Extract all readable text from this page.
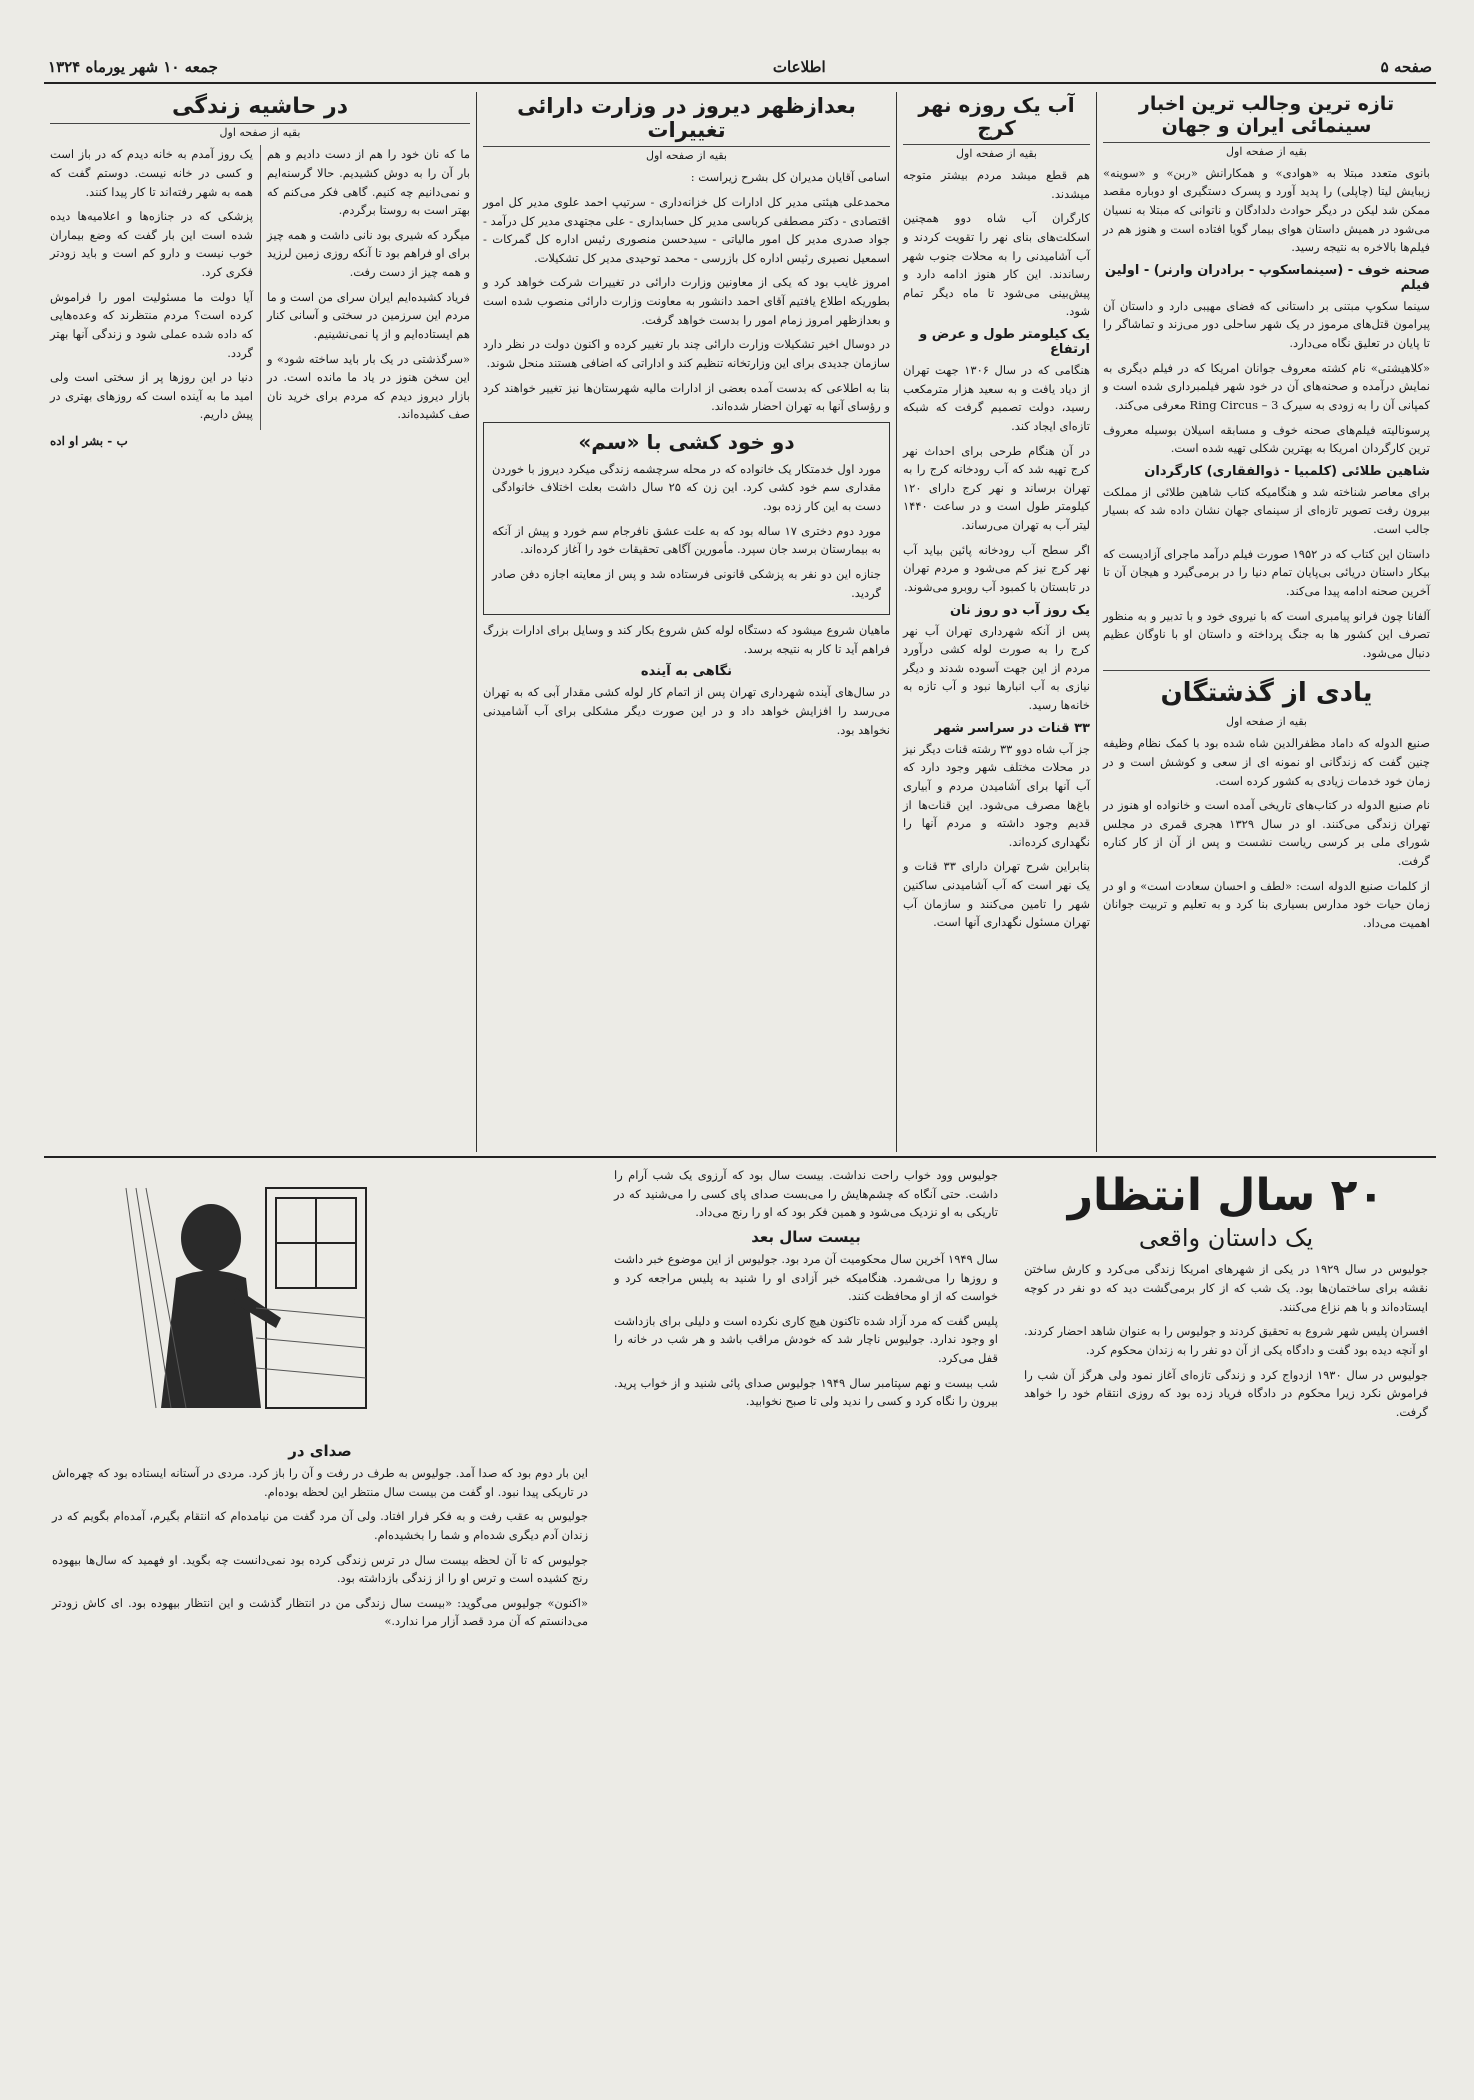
صفحه ۵
اطلاعات
جمعه ۱۰ شهر یورماه ۱۳۲۴
تازه ترین وجالب ترین اخبار سینمائی ایران و جهان
بقیه از صفحه اول

بانوی متعدد مبتلا به «هوادی» و همکارانش «ربن» و «سوینه» زیبایش لیتا (چاپلی) را پدید آورد و پسرک دستگیری او دوباره مقصد ممکن شد لیکن در دیگر حوادث دلدادگان و ناتوانی که مبتلا به نسیان می‌شود در همیش داستان هوای بیمار گویا افتاده است و هنوز هم در فیلم‌ها بالاخره به نتیجه رسید.

صحنه خوف - (سینماسکوپ - برادران وارنر) - اولین فیلم

سینما سکوپ مبتنی بر داستانی که فضای مهیبی دارد و داستان آن پیرامون قتل‌های مرموز در یک شهر ساحلی دور می‌زند و تماشاگر را تا پایان در تعلیق نگاه می‌دارد.

«کلاهیشتی» نام کشته معروف جوانان امریکا که در فیلم دیگری به نمایش درآمده و صحنه‌های آن در خود شهر فیلمبرداری شده است و کمپانی آن را به زودی به سیرک Ring Circus – 3 معرفی می‌کند.

پرسونالیته فیلم‌های صحنه خوف و مسابقه اسیلان بوسیله معروف ترین کارگردان امریکا به بهترین شکلی تهیه شده است.

شاهین طلائی (کلمبیا - ذوالفقاری) کارگردان

برای معاصر شناخته شد و هنگامیکه کتاب شاهین طلائی از مملکت بیرون رفت تصویر تازه‌ای از سینمای جهان نشان داده شد که بسیار جالب است.

داستان این کتاب که در ۱۹۵۲ صورت فیلم درآمد ماجرای آزادیست که بیکار داستان دریائی بی‌پایان تمام دنیا را در برمی‌گیرد و هیجان آن تا آخرین صحنه ادامه پیدا می‌کند.

آلفانا چون فرانو پیامبری است که با نیروی خود و با تدبیر و به منظور تصرف این کشور ها به جنگ پرداخته و داستان او با ناوگان عظیم دنبال می‌شود.

یادی از گذشتگان
بقیه از صفحه اول

صنیع الدوله که داماد مظفرالدین شاه شده بود با کمک نظام وظیفه چنین گفت که زندگانی او نمونه ای از سعی و کوشش است و در زمان خود خدمات زیادی به کشور کرده است.

نام صنیع الدوله در کتاب‌های تاریخی آمده است و خانواده او هنوز در تهران زندگی می‌کنند. او در سال ۱۳۲۹ هجری قمری در مجلس شورای ملی بر کرسی ریاست نشست و پس از آن از کار کناره گرفت.

از کلمات صنیع الدوله است: «لطف و احسان سعادت است» و او در زمان حیات خود مدارس بسیاری بنا کرد و به تعلیم و تربیت جوانان اهمیت می‌داد.

آب یک روزه نهر کرج
بقیه از صفحه اول

هم قطع میشد مردم بیشتر متوجه میشدند.

کارگران آب شاه دوو همچنین اسکلت‌های بنای نهر را تقویت کردند و آب آشامیدنی را به محلات جنوب شهر رساندند. این کار هنوز ادامه دارد و پیش‌بینی می‌شود تا ماه دیگر تمام شود.

یک کیلومتر طول و عرض و ارتفاع

هنگامی که در سال ۱۳۰۶ جهت تهران از دیاد یافت و به سعید هزار مترمکعب رسید، دولت تصمیم گرفت که شبکه تازه‌ای ایجاد کند.

در آن هنگام طرحی برای احداث نهر کرج تهیه شد که آب رودخانه کرج را به تهران برساند و نهر کرج دارای ۱۲۰ کیلومتر طول است و در ساعت ۱۴۴۰ لیتر آب به تهران می‌رساند.

اگر سطح آب رودخانه پائین بیاید آب نهر کرج نیز کم می‌شود و مردم تهران در تابستان با کمبود آب روبرو می‌شوند.

یک روز آب دو روز نان

پس از آنکه شهرداری تهران آب نهر کرج را به صورت لوله کشی درآورد مردم از این جهت آسوده شدند و دیگر نیازی به آب انبارها نبود و آب تازه به خانه‌ها رسید.

۳۳ قنات در سراسر شهر

جز آب شاه دوو ۳۳ رشته قنات دیگر نیز در محلات مختلف شهر وجود دارد که آب آنها برای آشامیدن مردم و آبیاری باغ‌ها مصرف می‌شود. این قنات‌ها از قدیم وجود داشته و مردم آنها را نگهداری کرده‌اند.

بنابراین شرح تهران دارای ۳۳ قنات و یک نهر است که آب آشامیدنی ساکنین شهر را تامین می‌کنند و سازمان آب تهران مسئول نگهداری آنها است.

بعدازظهر دیروز در وزارت دارائی تغییرات
بقیه از صفحه اول

اسامی آقایان مدیران کل بشرح زیراست :

محمدعلی هیئتی مدیر کل ادارات کل خزانه‌داری - سرتیپ احمد علوی مدیر کل امور اقتصادی - دکتر مصطفی کرباسی مدیر کل حسابداری - علی مجتهدی مدیر کل درآمد - جواد صدری مدیر کل امور مالیاتی - سیدحسن منصوری رئیس اداره کل گمرکات - اسمعیل نصیری رئیس اداره کل بازرسی - محمد توحیدی مدیر کل تشکیلات.

امروز غایب بود که یکی از معاونین وزارت دارائی در تغییرات شرکت خواهد کرد و بطوریکه اطلاع یافتیم آقای احمد دانشور به معاونت وزارت دارائی منصوب شده است و بعدازظهر امروز زمام امور را بدست خواهد گرفت.

در دوسال اخیر تشکیلات وزارت دارائی چند بار تغییر کرده و اکنون دولت در نظر دارد سازمان جدیدی برای این وزارتخانه تنظیم کند و اداراتی که اضافی هستند منحل شوند.

بنا به اطلاعی که بدست آمده بعضی از ادارات مالیه شهرستان‌ها نیز تغییر خواهند کرد و رؤسای آنها به تهران احضار شده‌اند.

دو خود کشی با «سم»

مورد اول خدمتکار یک خانواده که در محله سرچشمه زندگی میکرد دیروز با خوردن مقداری سم خود کشی کرد. این زن که ۲۵ سال داشت بعلت اختلاف خانوادگی دست به این کار زده بود.

مورد دوم دختری ۱۷ ساله بود که به علت عشق نافرجام سم خورد و پیش از آنکه به بیمارستان برسد جان سپرد. مأمورین آگاهی تحقیقات خود را آغاز کرده‌اند.

جنازه این دو نفر به پزشکی قانونی فرستاده شد و پس از معاینه اجازه دفن صادر گردید.

ماهیان شروع میشود که دستگاه لوله کش شروع بکار کند و وسایل برای ادارات بزرگ فراهم آید تا کار به نتیجه برسد.

نگاهی به آینده

در سال‌های آینده شهرداری تهران پس از اتمام کار لوله کشی مقدار آبی که به تهران می‌رسد را افزایش خواهد داد و در این صورت دیگر مشکلی برای آب آشامیدنی نخواهد بود.

در حاشیه زندگی
بقیه از صفحه اول

ما که نان خود را هم از دست دادیم و هم بار آن را به دوش کشیدیم. حالا گرسنه‌ایم و نمی‌دانیم چه کنیم. گاهی فکر می‌کنم که بهتر است به روستا برگردم.

میگرد که شیری بود نانی داشت و همه چیز برای او فراهم بود تا آنکه روزی زمین لرزید و همه چیز از دست رفت.

فریاد کشیده‌ایم ایران سرای من است و ما مردم این سرزمین در سختی و آسانی کنار هم ایستاده‌ایم و از پا نمی‌نشینیم.

«سرگذشتی در یک بار باید ساخته شود» و این سخن هنوز در یاد ما مانده است. در بازار دیروز دیدم که مردم برای خرید نان صف کشیده‌اند.

یک روز آمدم به خانه دیدم که در باز است و کسی در خانه نیست. دوستم گفت که همه به شهر رفته‌اند تا کار پیدا کنند.

پزشکی که در جنازه‌ها و اعلامیه‌ها دیده شده است این بار گفت که وضع بیماران خوب نیست و دارو کم است و باید زودتر فکری کرد.

آیا دولت ما مسئولیت امور را فراموش کرده است؟ مردم منتظرند که وعده‌هایی که داده شده عملی شود و زندگی آنها بهتر گردد.

دنیا در این روزها پر از سختی است ولی امید ما به آینده است که روزهای بهتری در پیش داریم.

ب - بشر او اده
۲۰ سال انتظار
یک داستان واقعی

جولیوس در سال ۱۹۲۹ در یکی از شهرهای امریکا زندگی می‌کرد و کارش ساختن نقشه برای ساختمان‌ها بود. یک شب که از کار برمی‌گشت دید که دو نفر در کوچه ایستاده‌اند و با هم نزاع می‌کنند.

افسران پلیس شهر شروع به تحقیق کردند و جولیوس را به عنوان شاهد احضار کردند. او آنچه دیده بود گفت و دادگاه یکی از آن دو نفر را به زندان محکوم کرد.

جولیوس در سال ۱۹۳۰ ازدواج کرد و زندگی تازه‌ای آغاز نمود ولی هرگز آن شب را فراموش نکرد زیرا محکوم در دادگاه فریاد زده بود که روزی انتقام خود را خواهد گرفت.

جولیوس وود خواب راحت نداشت. بیست سال بود که آرزوی یک شب آرام را داشت. حتی آنگاه که چشم‌هایش را می‌بست صدای پای کسی را می‌شنید که در تاریکی به او نزدیک می‌شود و همین فکر بود که او را رنج می‌داد.

بیست سال بعد

سال ۱۹۴۹ آخرین سال محکومیت آن مرد بود. جولیوس از این موضوع خبر داشت و روزها را می‌شمرد. هنگامیکه خبر آزادی او را شنید به پلیس مراجعه کرد و خواست که از او محافظت کنند.

پلیس گفت که مرد آزاد شده تاکنون هیچ کاری نکرده است و دلیلی برای بازداشت او وجود ندارد. جولیوس ناچار شد که خودش مراقب باشد و هر شب در خانه را قفل می‌کرد.

شب بیست و نهم سپتامبر سال ۱۹۴۹ جولیوس صدای پائی شنید و از خواب پرید. بیرون را نگاه کرد و کسی را ندید ولی تا صبح نخوابید.

صدای در

این بار دوم بود که صدا آمد. جولیوس به طرف در رفت و آن را باز کرد. مردی در آستانه ایستاده بود که چهره‌اش در تاریکی پیدا نبود. او گفت من بیست سال منتظر این لحظه بوده‌ام.

جولیوس به عقب رفت و به فکر فرار افتاد. ولی آن مرد گفت من نیامده‌ام که انتقام بگیرم، آمده‌ام بگویم که در زندان آدم دیگری شده‌ام و شما را بخشیده‌ام.

جولیوس که تا آن لحظه بیست سال در ترس زندگی کرده بود نمی‌دانست چه بگوید. او فهمید که سال‌ها بیهوده رنج کشیده است و ترس او را از زندگی بازداشته بود.

«اکنون» جولیوس می‌گوید: «بیست سال زندگی من در انتظار گذشت و این انتظار بیهوده بود. ای کاش زودتر می‌دانستم که آن مرد قصد آزار مرا ندارد.»
